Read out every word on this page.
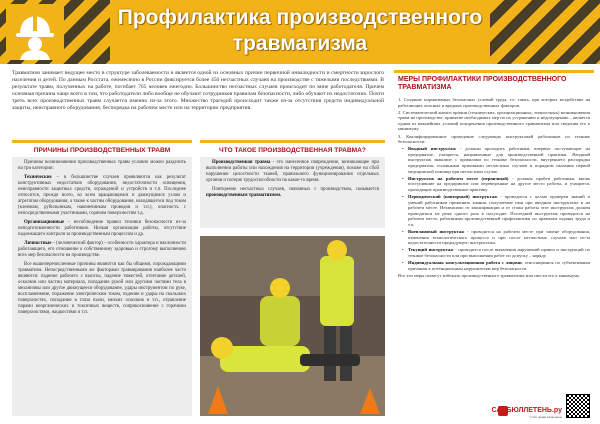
Профилактика производственного травматизма
Травматизм занимает ведущее место в структуре заболеваемости и является одной из основных причин первичной инвалидности и смертности взрослого населения и детей. По данным Росстата, ежемесячно в России фиксируется более 450 несчастных случаев на производстве с тяжелыми последствиями. В результате травм, полученных на работе, погибает 765 человек ежегодно. Большинство несчастных случаев происходит по вине работодателя. Причем основная причина чаще всего в том, что работодатели либо вообще не обучают сотрудников правилам безопасности, либо обучают их недостаточно. Почти треть всех производственных травм случается именно из-за этого. Множество трагедий происходит также из-за отсутствия средств индивидуальной защиты, неисправного оборудования, беспорядка на рабочем месте или на территории предприятия.
ПРИЧИНЫ ПРОИЗВОДСТВЕННЫХ ТРАВМ

Причины возникновения производственных травм условно можно разделить на три категории:

Технические – в большинстве случаев проявляются как результат конструктивных недостатков оборудования, недостаточности освещения, неисправности защитных средств, ограждений и устройств и т.п. Последнее относится, прежде всего, ко всем вращающимся и движущимся узлам и агрегатам оборудования, а также к частям оборудования, находящегося под током (клеммам, рубильникам, наконечникам проводов и т.п.), опасность с непосредственными участниками, горячим поверхностям т.д.

Организационные – несоблюдение правил техники безопасности из-за неподготовленности работников. Низкая организация работы, отсутствие надлежащего контроля за производственным процессом и др.

Личностные – (человеческий фактор) – особенности характера и наклонности работающего, его отношение к собственному здоровью и строгому выполнению всех мер безопасности на производстве.

Все вышеперечисленные причины являются как бы общими, порождающими травматизм. Непосредственными же факторами травмирования наиболее часто являются: падение рабочего с высоты, падение тяжестей, отлетание деталей, осколков или частиц материала, попадание рукой или другими частями тела в механизмы или другое движущееся оборудование, удары инструментом по руке, воспламенение, поражение электрическим током, падение и удары на скользких поверхностях, попадание в глаза пыли, мелких осколков и т.п., отравление парами неорганических и токсичных веществ, соприкосновение с горячими поверхностями, жидкостями и т.п.

ЧТО ТАКОЕ ПРОИЗВОДСТВЕННАЯ ТРАВМА?

Производственная травма - это нанесенное повреждение, возникающее при выполнении работы или нахождения на территории (учреждения), похоже на сбой нарушение целостности тканей, правильного функционирования отдельных органов и потерю трудоспособности на какое-то время.

Повторение несчастных случаев, связанных с производством, называется производственным травматизмом.

МЕРЫ ПРОФИЛАКТИКИ ПРОИЗВОДСТВЕННОГО ТРАВМАТИЗМА

1. Создание нормативных безопасных условий труда, т.е. таких, при которых воздействие на работающих опасных и вредных производственных факторов.

2. Систематический анализ причин (технических, организационных, личностных) возникновения травм на производстве, принятие необходимых мер по их устранению и недопущению – является одним из важнейших условий искоренения производственного травматизма или сведения его к минимуму.

3. Квалифицированное проведение следующих инструктажей работников по технике безопасности:

• Вводный инструктаж - должны проходить работники, впервые поступающие на предприятие, учащиеся, направленные для производственной практики. Вводный инструктаж знакомит с правилами по технике безопасности, внутреннего распорядка предприятия, основными причинами несчастных случаев и порядком оказания первой медицинской помощи при несчастном случае.

• Инструктаж на рабочем месте (первичный) - должны пройти работники, вновь поступившие на предприятие или переведенные на другое место работы, и учащиеся, проходящие производственное практику.

• Периодический (повторный) инструктаж - проводится с целью проверки знаний и умений работников применять знания, получаемые ими при вводном инструктаже и на рабочем месте. Независимо от квалификации и от стажа работы этот инструктаж должен проводиться не реже одного раза в полугодие. Последний инструктаж проводится на рабочем месте, работникам производственной профилактики по правилам охраны труда и т.п.

• Внеплановый инструктаж - проводится на рабочем месте при замене оборудования, изменения технологического процесса и при после несчастных случаев или из-за недостаточности предыдущего инструктажа.

• Текущий инструктаж - проводится после выявления нарушений правил и инструкций по технике безопасности или при выполнении работ по допуску – наряду.

• Индивидуальная консультационная работа с лицами, относящимися по субъективным причинам к потенциальным нарушителям мер безопасности.

Все эти меры помогут избежать производственного травматизма или свести его к минимуму.

САНБЮЛЛЕТЕНЬ.ру
© все права защищены
